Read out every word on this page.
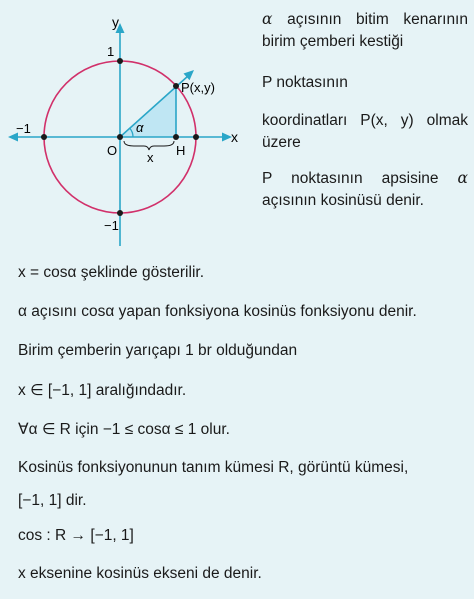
y
x
1
−1
O x H
−1
P(x,y)
α

α açısının bitim kenarının birim çemberi kestiği

P noktasının

koordinatları P(x, y) olmak üzere

P noktasının apsisine α açısının kosinüsü denir.

x = cosα şeklinde gösterilir.
α açısını cosα yapan fonksiyona kosinüs fonksiyonu denir.
Birim çemberin yarıçapı 1 br olduğundan
x ∈ [−1, 1] aralığındadır.
∀α ∈ R için −1 ≤ cosα ≤ 1 olur.
Kosinüs fonksiyonunun tanım kümesi R, görüntü kümesi,
[−1, 1] dir.
cos : R → [−1, 1]
x eksenine kosinüs ekseni de denir.
